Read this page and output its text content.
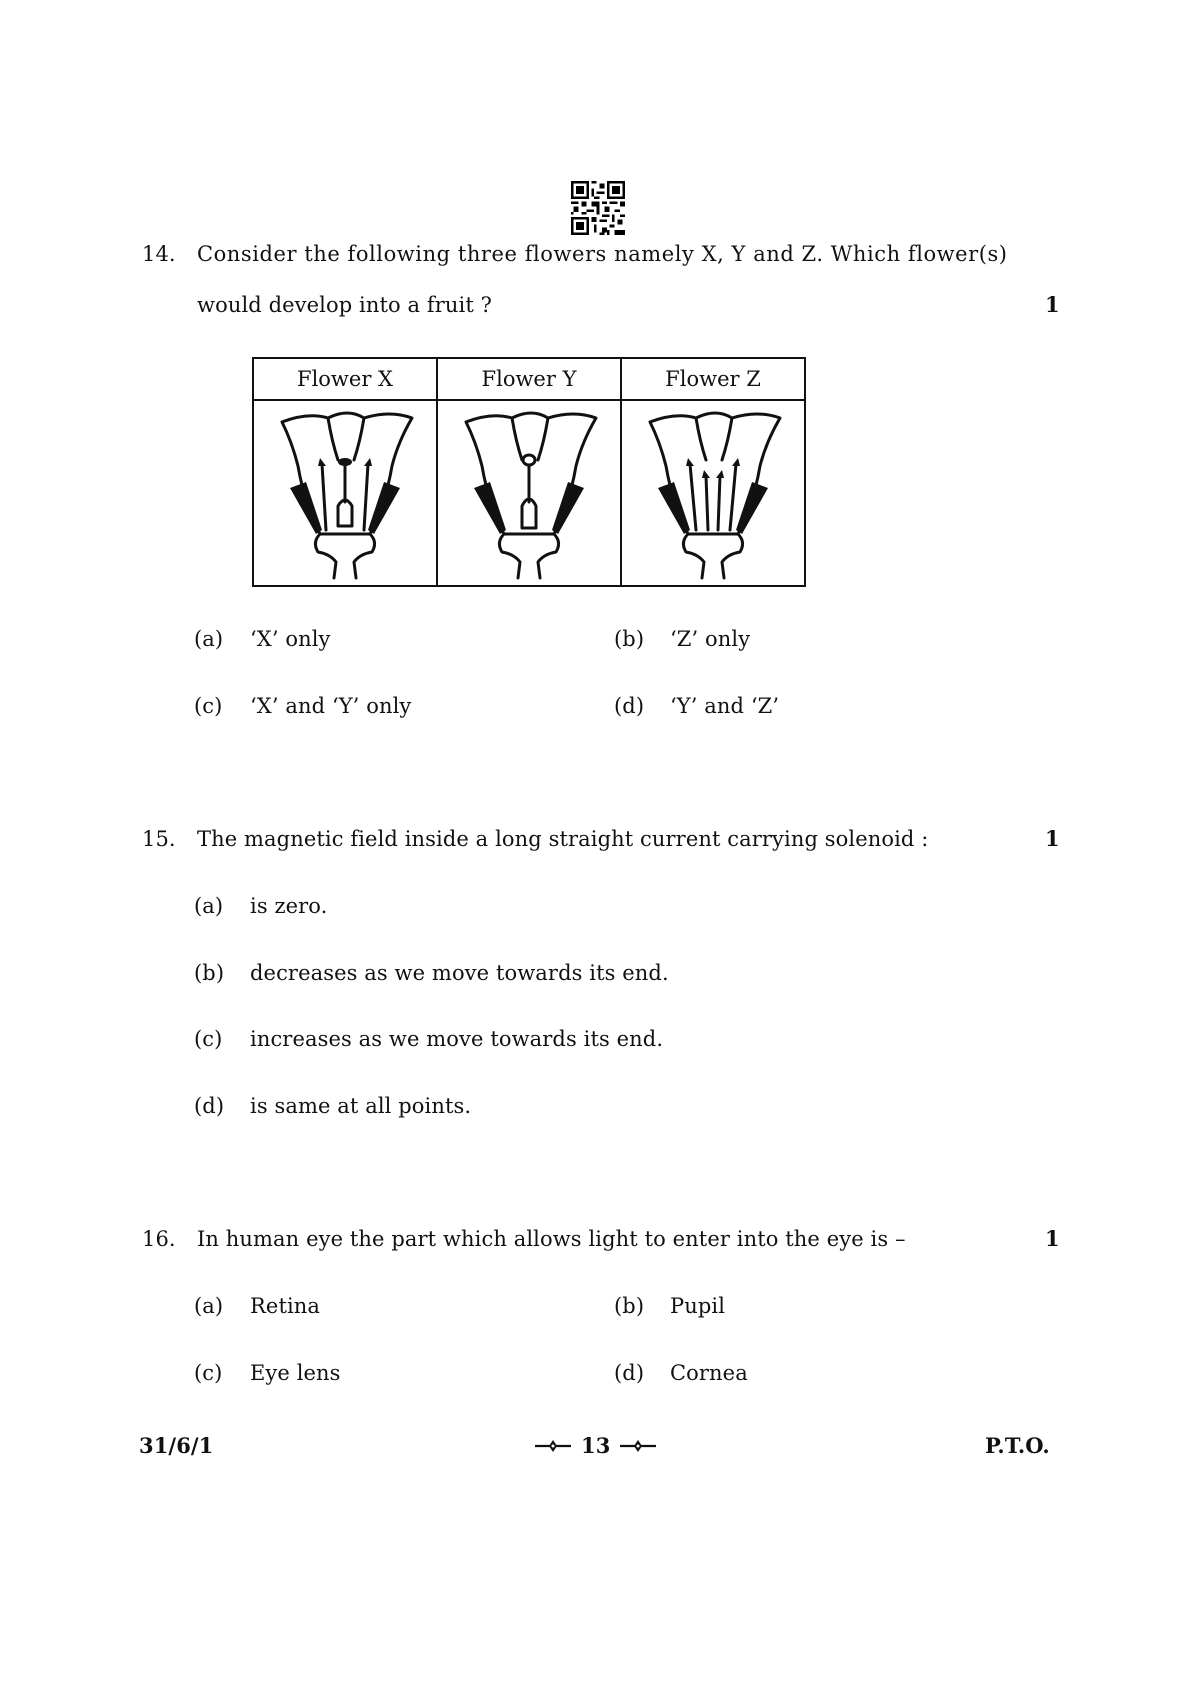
14. Consider the following three flowers namely X, Y and Z. Which flower(s)
would develop into a fruit ?	1
Flower X	Flower Y	Flower Z

(a) ‘X’ only	(b) ‘Z’ only
(c) ‘X’ and ‘Y’ only	(d) ‘Y’ and ‘Z’
15. The magnetic field inside a long straight current carrying solenoid :	1
(a) is zero.
(b) decreases as we move towards its end.
(c) increases as we move towards its end.
(d) is same at all points.
16. In human eye the part which allows light to enter into the eye is –	1
(a) Retina	(b) Pupil
(c) Eye lens	(d) Cornea
31/6/1	13	P.T.O.
